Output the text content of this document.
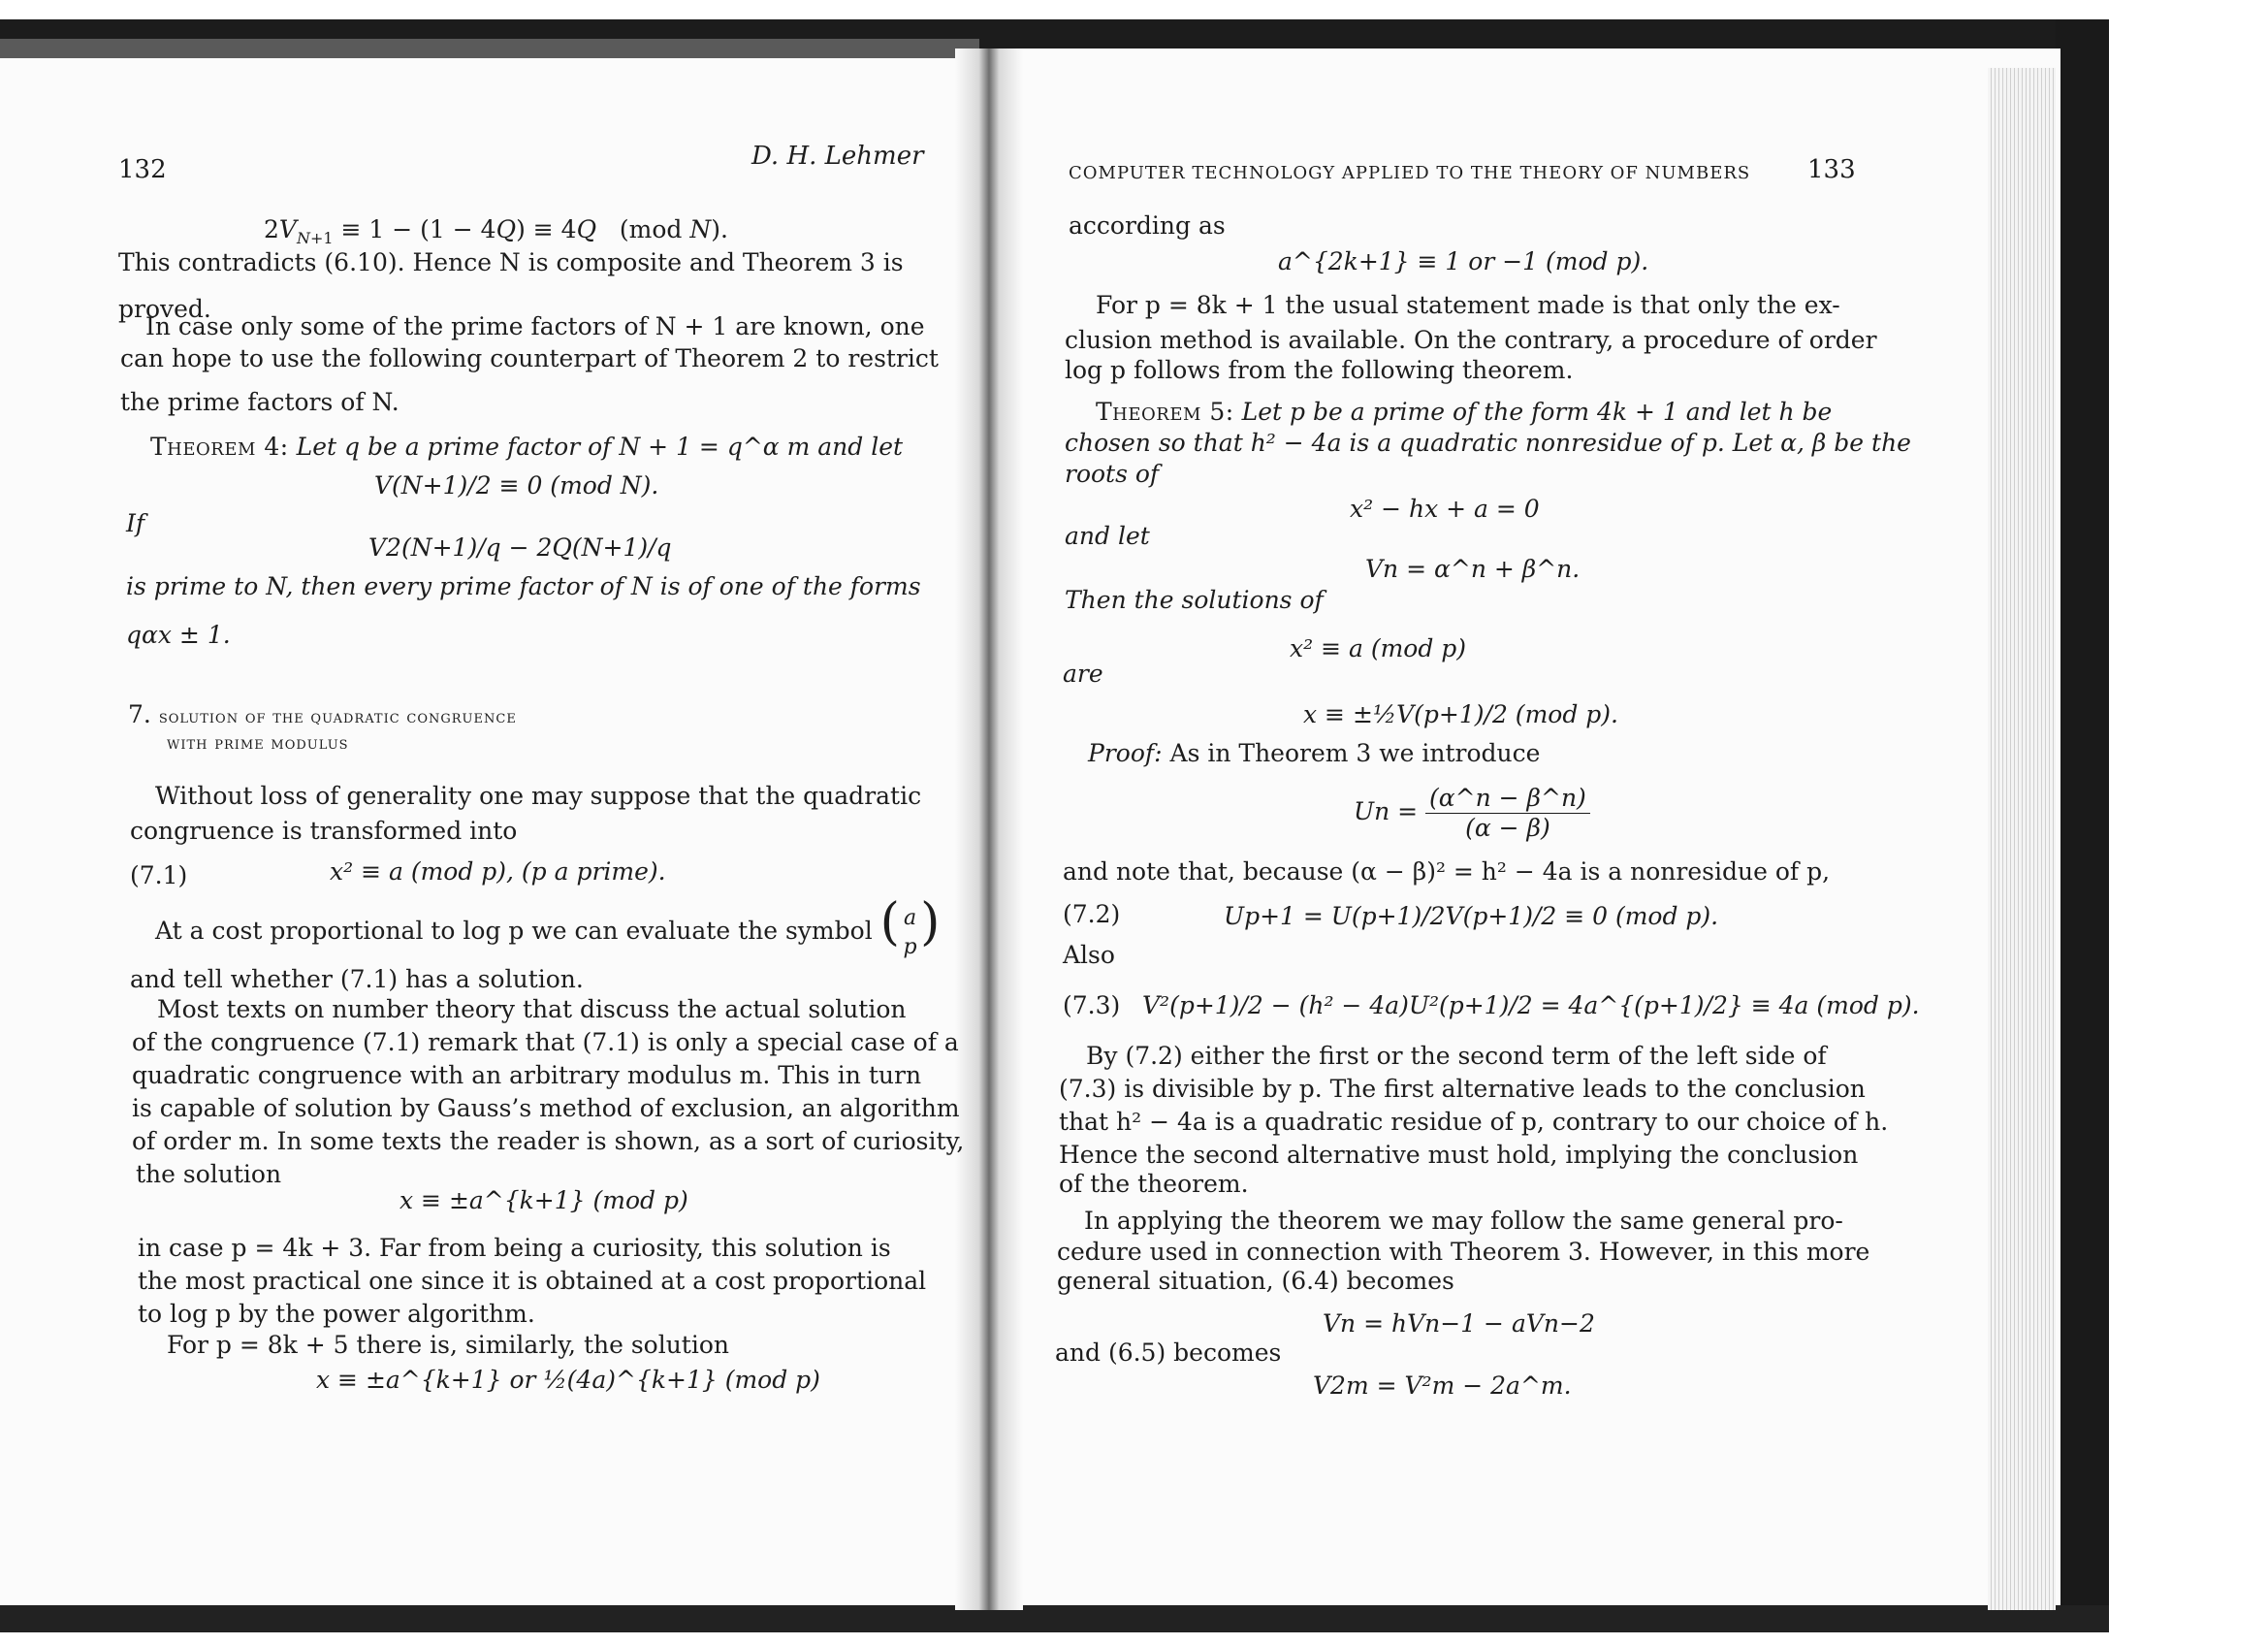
132	D. H. Lehmer
$2V_{N+1} \equiv 1 - (1 - 4Q) \equiv 4Q$   (mod N).
This contradicts (6.10). Hence N is composite and Theorem 3 is
proved.
In case only some of the prime factors of N + 1 are known, one
can hope to use the following counterpart of Theorem 2 to restrict
the prime factors of N.
Theorem 4: Let q be a prime factor of N + 1 = q^α m and let
V(N+1)/2 ≡ 0 (mod N).
If
V2(N+1)/q − 2Q(N+1)/q
is prime to N, then every prime factor of N is of one of the forms
qαx ± 1.
7. solution of the quadratic congruence
with prime modulus
Without loss of generality one may suppose that the quadratic
congruence is transformed into
(7.1)	x² ≡ a (mod p), (p a prime).
At a cost proportional to log p we can evaluate the symbol ( a
p )
and tell whether (7.1) has a solution.
Most texts on number theory that discuss the actual solution
of the congruence (7.1) remark that (7.1) is only a special case of a
quadratic congruence with an arbitrary modulus m. This in turn
is capable of solution by Gauss’s method of exclusion, an algorithm
of order m. In some texts the reader is shown, as a sort of curiosity,
the solution
x ≡ ±a^{k+1} (mod p)
in case p = 4k + 3. Far from being a curiosity, this solution is
the most practical one since it is obtained at a cost proportional
to log p by the power algorithm.
For p = 8k + 5 there is, similarly, the solution
x ≡ ±a^{k+1} or ½(4a)^{k+1} (mod p)
COMPUTER TECHNOLOGY APPLIED TO THE THEORY OF NUMBERS 133
according as
a^{2k+1} ≡ 1 or −1 (mod p).
For p = 8k + 1 the usual statement made is that only the ex-
clusion method is available. On the contrary, a procedure of order
log p follows from the following theorem.
Theorem 5: Let p be a prime of the form 4k + 1 and let h be
chosen so that h² − 4a is a quadratic nonresidue of p. Let α, β be the
roots of
x² − hx + a = 0
and let
Vn = α^n + β^n.
Then the solutions of
x² ≡ a (mod p)
are
x ≡ ±½V(p+1)/2 (mod p).
Proof: As in Theorem 3 we introduce
$Un = \frac{(\alpha\^{}n - \beta\^{}n)}{(\alpha - \beta)}$
and note that, because (α − β)² = h² − 4a is a nonresidue of p,
(7.2)	Up+1 = U(p+1)/2V(p+1)/2 ≡ 0 (mod p).
Also
(7.3) V²(p+1)/2 − (h² − 4a)U²(p+1)/2 = 4a^{(p+1)/2} ≡ 4a (mod p).
By (7.2) either the first or the second term of the left side of
(7.3) is divisible by p. The first alternative leads to the conclusion
that h² − 4a is a quadratic residue of p, contrary to our choice of h.
Hence the second alternative must hold, implying the conclusion
of the theorem.
In applying the theorem we may follow the same general pro-
cedure used in connection with Theorem 3. However, in this more
general situation, (6.4) becomes
Vn = hVn−1 − aVn−2
and (6.5) becomes
V2m = V²m − 2a^m.
